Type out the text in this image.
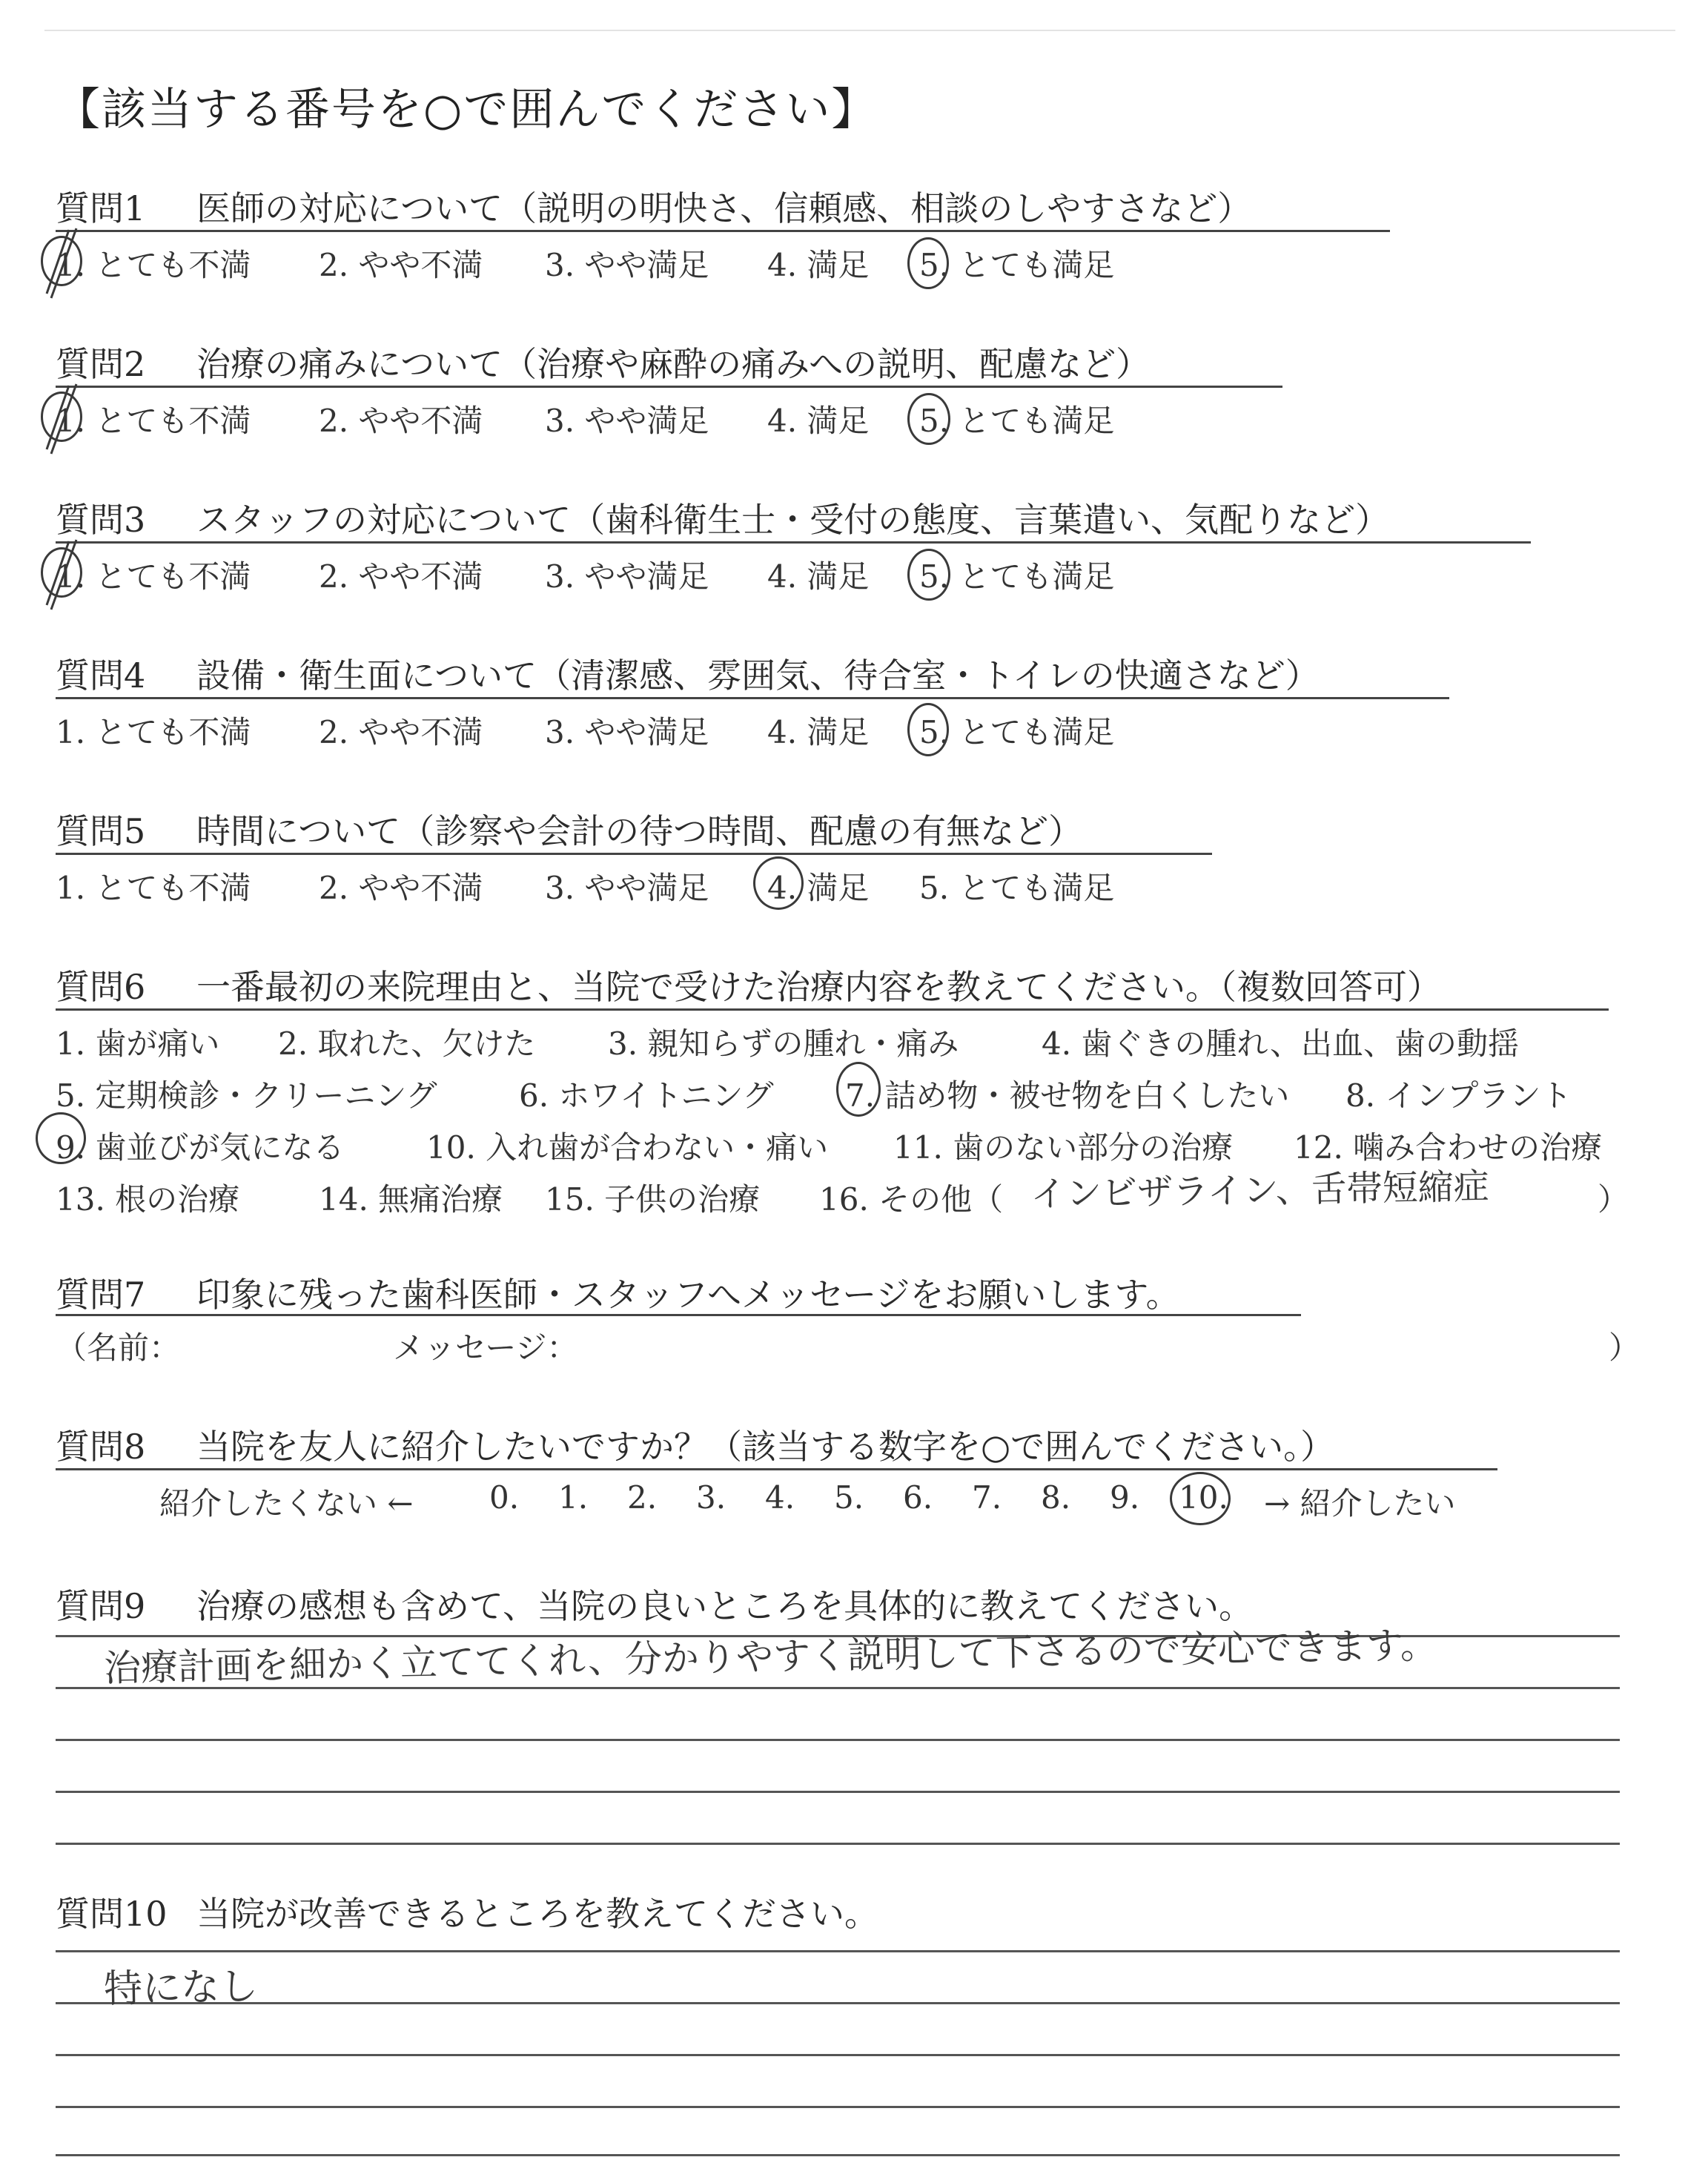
【該当する番号を○で囲んでください】
質問1 医師の対応について（説明の明快さ、信頼感、相談のしやすさなど）
1. とても不満 2. やや不満 3. やや満足 4. 満足 5. とても満足
質問2 治療の痛みについて（治療や麻酔の痛みへの説明、配慮など）
1. とても不満 2. やや不満 3. やや満足 4. 満足 5. とても満足
質問3 スタッフの対応について（歯科衛生士・受付の態度、言葉遣い、気配りなど）
1. とても不満 2. やや不満 3. やや満足 4. 満足 5. とても満足
質問4 設備・衛生面について（清潔感、雰囲気、待合室・トイレの快適さなど）
1. とても不満 2. やや不満 3. やや満足 4. 満足 5. とても満足
質問5 時間について（診察や会計の待つ時間、配慮の有無など）
1. とても不満 2. やや不満 3. やや満足 4. 満足 5. とても満足
質問6 一番最初の来院理由と、当院で受けた治療内容を教えてください。（複数回答可）
1. 歯が痛い 2. 取れた、欠けた 3. 親知らずの腫れ・痛み	4. 歯ぐきの腫れ、出血、歯の動揺
5. 定期検診・クリーニング	6. ホワイトニング 7. 詰め物・被せ物を白くしたい 8. インプラント
9. 歯並びが気になる	10. 入れ歯が合わない・痛い 11. 歯のない部分の治療 12. 噛み合わせの治療
13. 根の治療	14. 無痛治療 15. 子供の治療 16. その他（	）
インビザライン、舌帯短縮症
質問7 印象に残った歯科医師・スタッフへメッセージをお願いします。
（名前：	メッセージ：	）
質問8 当院を友人に紹介したいですか？（該当する数字を○で囲んでください。）
紹介したくない ← 0. 1. 2. 3. 4. 5. 6. 7. 8. 9. 10. → 紹介したい
質問9 治療の感想も含めて、当院の良いところを具体的に教えてください。
治療計画を細かく立ててくれ、分かりやすく説明して下さるので安心できます。
質問10 当院が改善できるところを教えてください。
特になし
